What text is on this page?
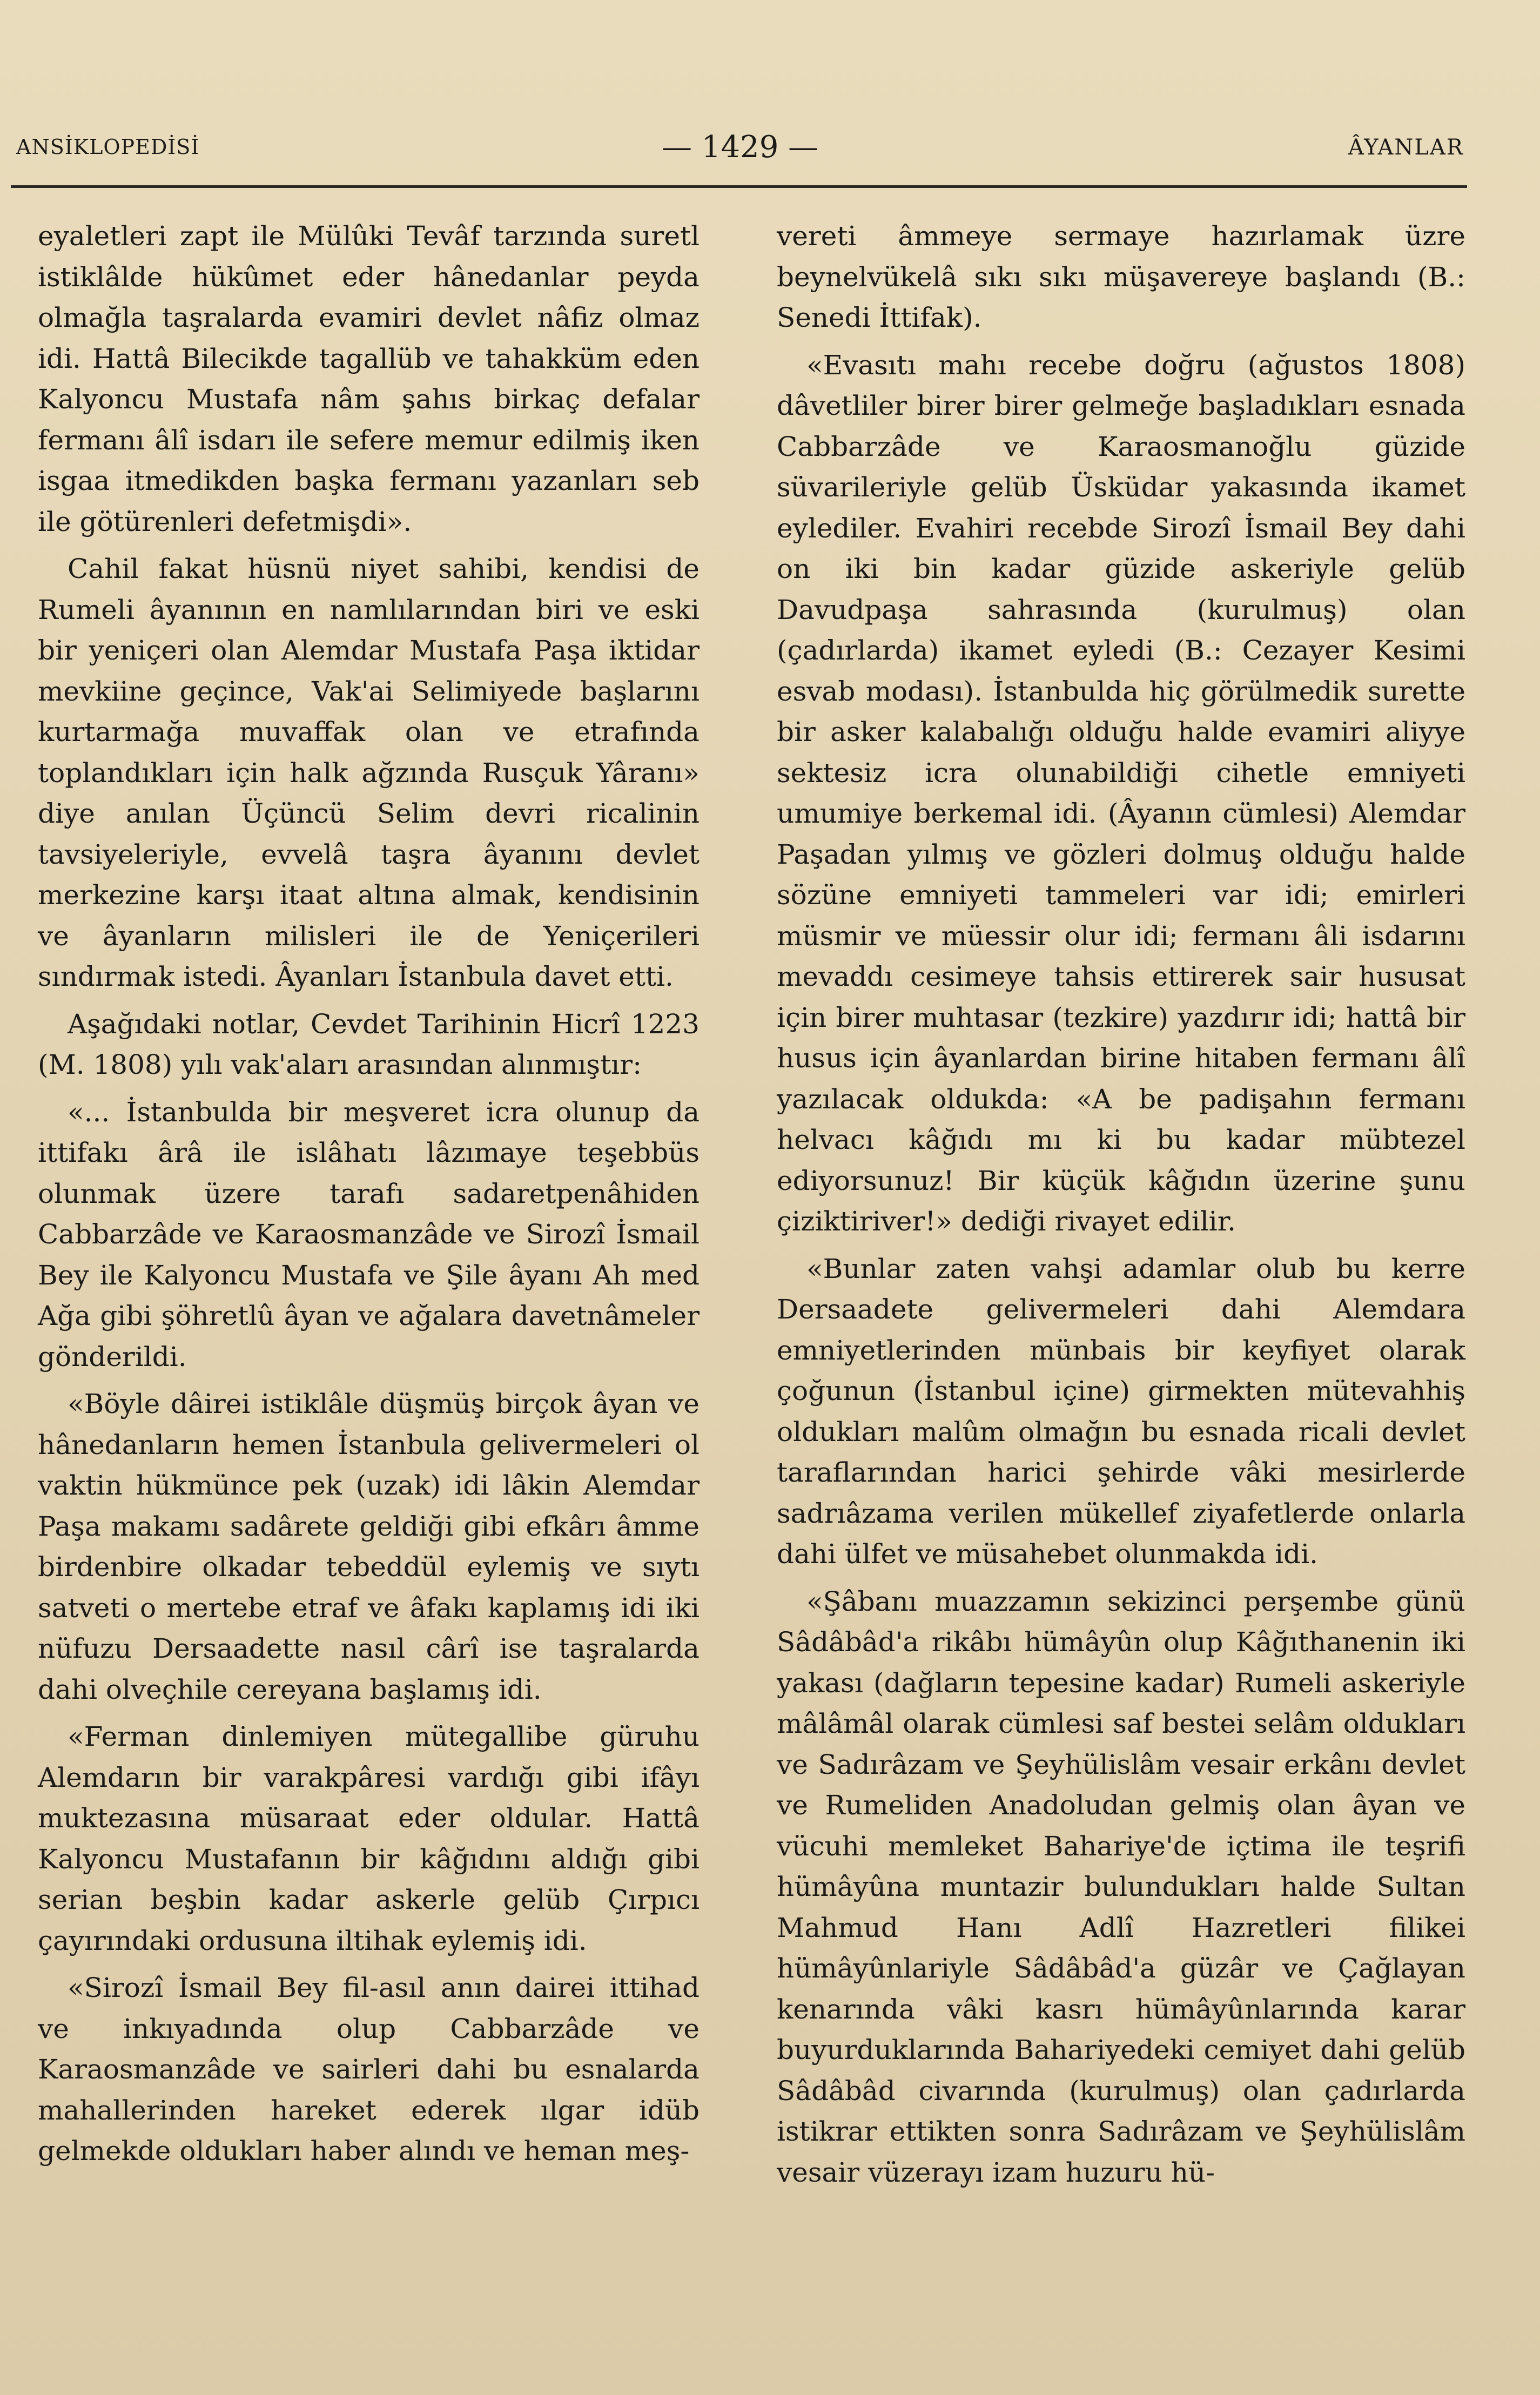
ANSİKLOPEDİSİ	— 1429 —	ÂYANLAR

eyaletleri zapt ile Mülûki Tevâf tarzında suretl istiklâlde hükûmet eder hânedanlar peyda olmağla taşralarda evamiri devlet nâfiz olmaz idi. Hattâ Bilecikde tagallüb ve tahakküm eden Kalyoncu Mustafa nâm şahıs birkaç defalar fermanı âlî isdarı ile sefere memur edilmiş iken isgaa itmedikden başka fermanı yazanları seb ile götürenleri defetmişdi».

Cahil fakat hüsnü niyet sahibi, kendisi de Rumeli âyanının en namlılarından biri ve eski bir yeniçeri olan Alemdar Mustafa Paşa iktidar mevkiine geçince, Vak'ai Selimiyede başlarını kurtarmağa muvaffak olan ve etrafında toplandıkları için halk ağzında Rusçuk Yâranı» diye anılan Üçüncü Selim devri ricalinin tavsiyeleriyle, evvelâ taşra âyanını devlet merkezine karşı itaat altına almak, kendisinin ve âyanların milisleri ile de Yeniçerileri sındırmak istedi. Âyanları İstanbula davet etti.

Aşağıdaki notlar, Cevdet Tarihinin Hicrî 1223 (M. 1808) yılı vak'aları arasından alınmıştır:

«... İstanbulda bir meşveret icra olunup da ittifakı ârâ ile islâhatı lâzımaye teşebbüs olunmak üzere tarafı sadaretpenâhiden Cabbarzâde ve Karaosmanzâde ve Sirozî İsmail Bey ile Kalyoncu Mustafa ve Şile âyanı Ah med Ağa gibi şöhretlû âyan ve ağalara davetnâmeler gönderildi.

«Böyle dâirei istiklâle düşmüş birçok âyan ve hânedanların hemen İstanbula gelivermeleri ol vaktin hükmünce pek (uzak) idi lâkin Alemdar Paşa makamı sadârete geldiği gibi efkârı âmme birdenbire olkadar tebeddül eylemiş ve sıytı satveti o mertebe etraf ve âfakı kaplamış idi iki nüfuzu Dersaadette nasıl cârî ise taşralarda dahi olveçhile cereyana başlamış idi.

«Ferman dinlemiyen mütegallibe güruhu Alemdarın bir varakpâresi vardığı gibi ifâyı muktezasına müsaraat eder oldular. Hattâ Kalyoncu Mustafanın bir kâğıdını aldığı gibi serian beşbin kadar askerle gelüb Çırpıcı çayırındaki ordusuna iltihak eylemiş idi.

«Sirozî İsmail Bey fil-asıl anın dairei ittihad ve inkıyadında olup Cabbarzâde ve Karaosmanzâde ve sairleri dahi bu esnalarda mahallerinden hareket ederek ılgar idüb gelmekde oldukları haber alındı ve heman meş-

vereti âmmeye sermaye hazırlamak üzre beynelvükelâ sıkı sıkı müşavereye başlandı (B.: Senedi İttifak).

«Evasıtı mahı recebe doğru (ağustos 1808) dâvetliler birer birer gelmeğe başladıkları esnada Cabbarzâde ve Karaosmanoğlu güzide süvarileriyle gelüb Üsküdar yakasında ikamet eylediler. Evahiri recebde Sirozî İsmail Bey dahi on iki bin kadar güzide askeriyle gelüb Davudpaşa sahrasında (kurulmuş) olan (çadırlarda) ikamet eyledi (B.: Cezayer Kesimi esvab modası). İstanbulda hiç görülmedik surette bir asker kalabalığı olduğu halde evamiri aliyye sektesiz icra olunabildiği cihetle emniyeti umumiye berkemal idi. (Âyanın cümlesi) Alemdar Paşadan yılmış ve gözleri dolmuş olduğu halde sözüne emniyeti tammeleri var idi; emirleri müsmir ve müessir olur idi; fermanı âli isdarını mevaddı cesimeye tahsis ettirerek sair hususat için birer muhtasar (tezkire) yazdırır idi; hattâ bir husus için âyanlardan birine hitaben fermanı âlî yazılacak oldukda: «A be padişahın fermanı helvacı kâğıdı mı ki bu kadar mübtezel ediyorsunuz! Bir küçük kâğıdın üzerine şunu çiziktiriver!» dediği rivayet edilir.

«Bunlar zaten vahşi adamlar olub bu kerre Dersaadete gelivermeleri dahi Alemdara emniyetlerinden münbais bir keyfiyet olarak çoğunun (İstanbul içine) girmekten mütevahhiş oldukları malûm olmağın bu esnada ricali devlet taraflarından harici şehirde vâki mesirlerde sadrıâzama verilen mükellef ziyafetlerde onlarla dahi ülfet ve müsahebet olunmakda idi.

«Şâbanı muazzamın sekizinci perşembe günü Sâdâbâd'a rikâbı hümâyûn olup Kâğıthanenin iki yakası (dağların tepesine kadar) Rumeli askeriyle mâlâmâl olarak cümlesi saf bestei selâm oldukları ve Sadırâzam ve Şeyhülislâm vesair erkânı devlet ve Rumeliden Anadoludan gelmiş olan âyan ve vücuhi memleket Bahariye'de içtima ile teşrifi hümâyûna muntazir bulundukları halde Sultan Mahmud Hanı Adlî Hazretleri filikei hümâyûnlariyle Sâdâbâd'a güzâr ve Çağlayan kenarında vâki kasrı hümâyûnlarında karar buyurduklarında Bahariyedeki cemiyet dahi gelüb Sâdâbâd civarında (kurulmuş) olan çadırlarda istikrar ettikten sonra Sadırâzam ve Şeyhülislâm vesair vüzerayı izam huzuru hü-
